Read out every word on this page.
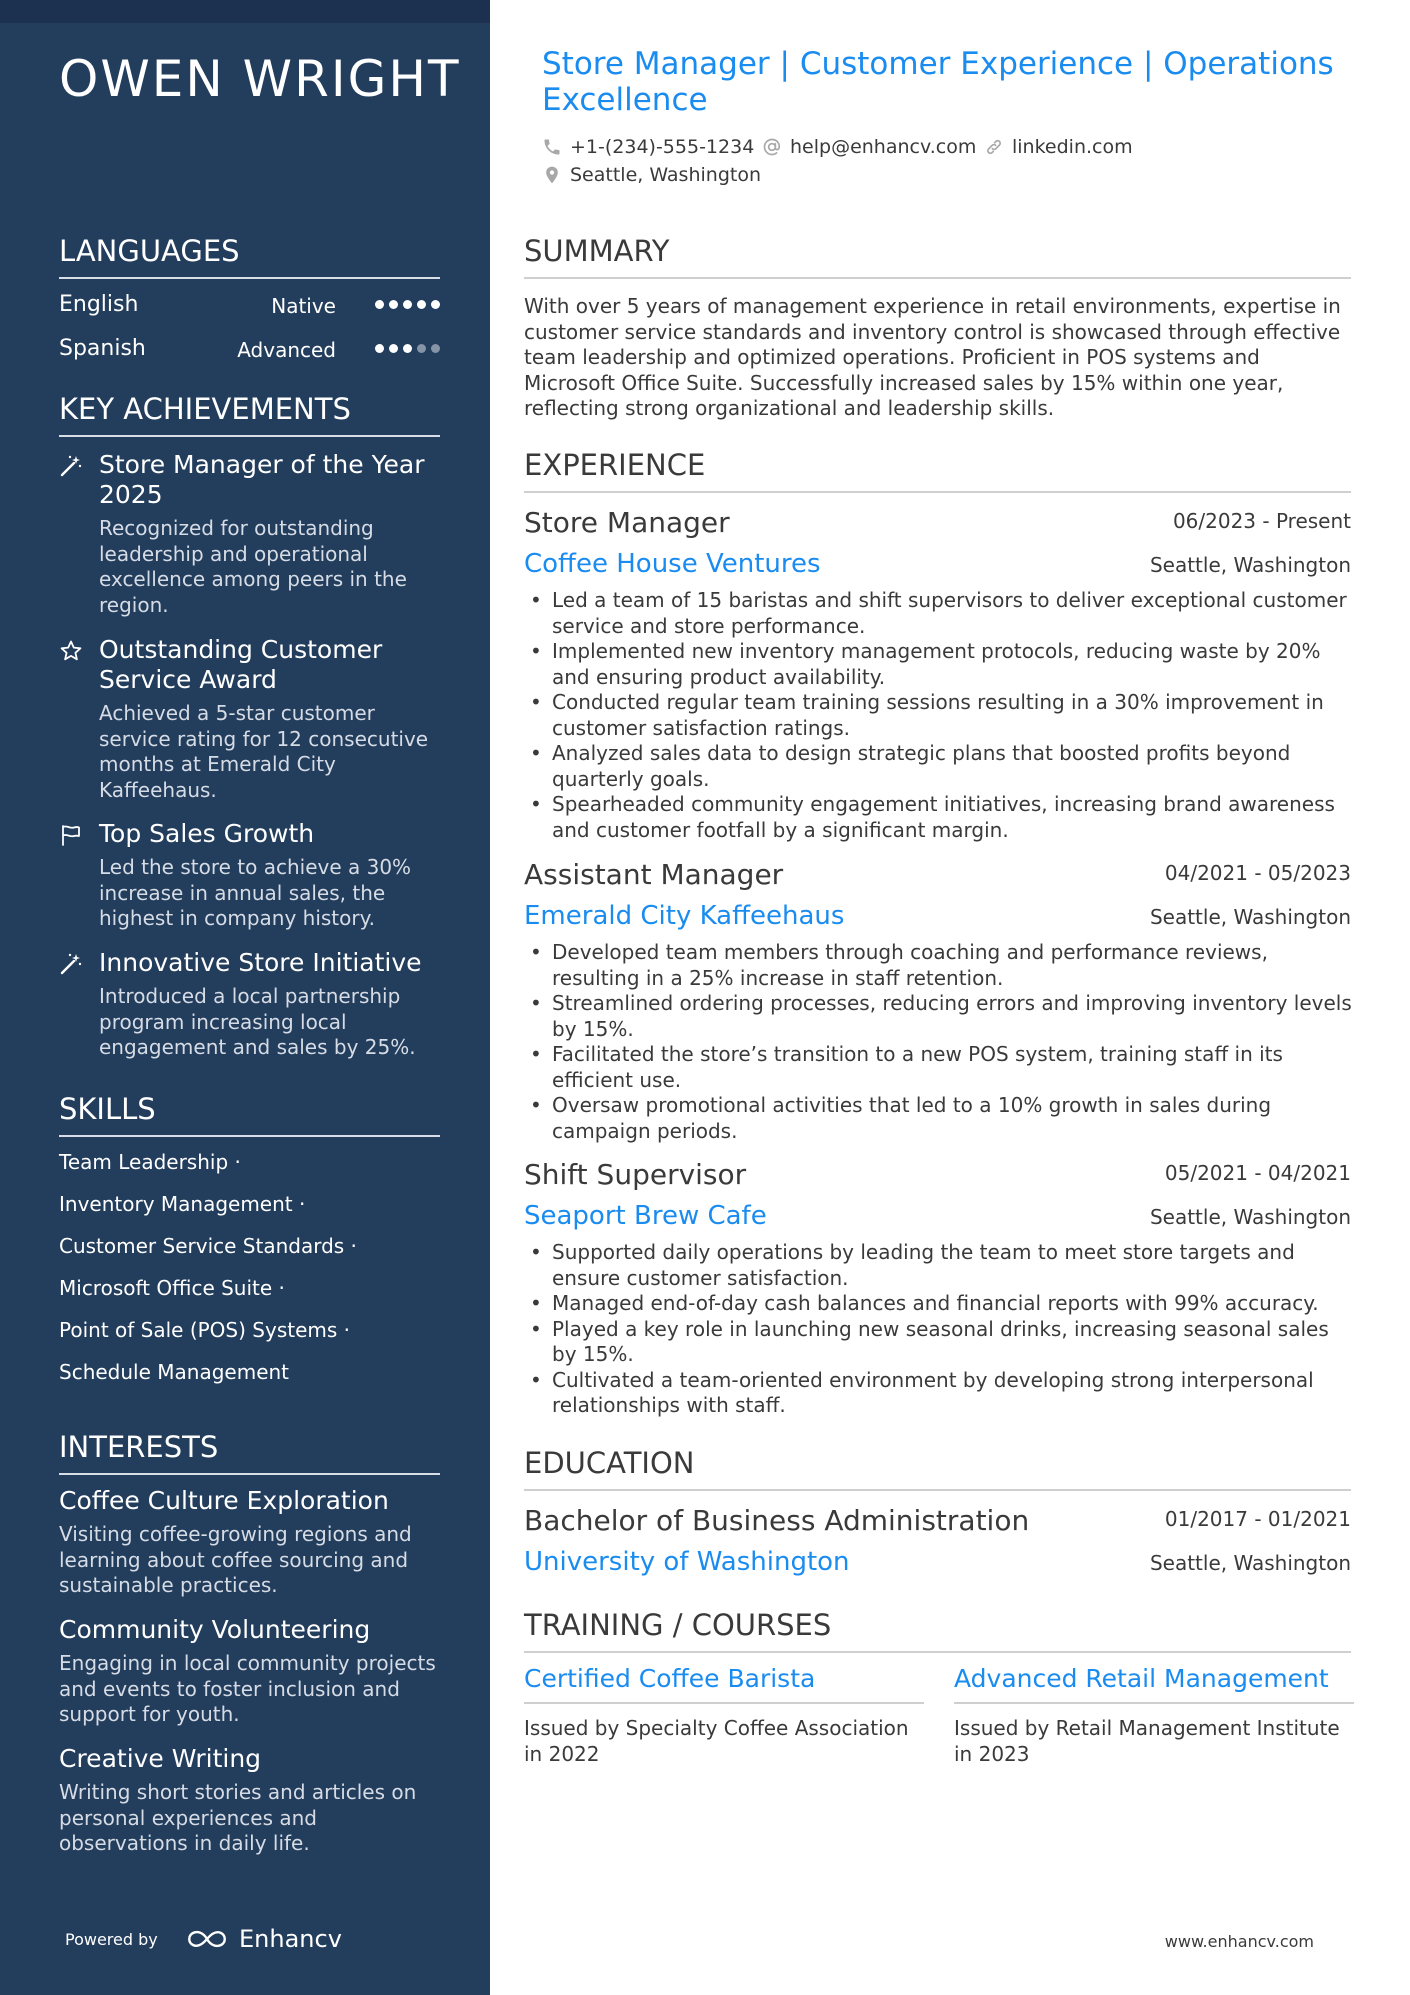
OWEN WRIGHT
LANGUAGES
English	Native
Spanish	Advanced
KEY ACHIEVEMENTS
Store Manager of the Year 2025
Recognized for outstanding leadership and operational excellence among peers in the region.
Outstanding Customer Service Award
Achieved a 5-star customer service rating for 12 consecutive months at Emerald City Kaffeehaus.
Top Sales Growth
Led the store to achieve a 30% increase in annual sales, the highest in company history.
Innovative Store Initiative
Introduced a local partnership program increasing local engagement and sales by 25%.
SKILLS
Team Leadership ·
Inventory Management ·
Customer Service Standards ·
Microsoft Office Suite ·
Point of Sale (POS) Systems ·
Schedule Management
INTERESTS
Coffee Culture Exploration
Visiting coffee-growing regions and learning about coffee sourcing and sustainable practices.
Community Volunteering
Engaging in local community projects and events to foster inclusion and support for youth.
Creative Writing
Writing short stories and articles on personal experiences and observations in daily life.
Powered by	Enhancv
Store Manager | Customer Experience | Operations Excellence
+1-(234)-555-1234 help@enhancv.com linkedin.com
Seattle, Washington
SUMMARY

With over 5 years of management experience in retail environments, expertise in customer service standards and inventory control is showcased through effective team leadership and optimized operations. Proficient in POS systems and Microsoft Office Suite. Successfully increased sales by 15% within one year, reflecting strong organizational and leadership skills.

EXPERIENCE
Store Manager	06/2023 - Present
Coffee House Ventures	Seattle, Washington
• Led a team of 15 baristas and shift supervisors to deliver exceptional customer service and store performance.
• Implemented new inventory management protocols, reducing waste by 20% and ensuring product availability.
• Conducted regular team training sessions resulting in a 30% improvement in customer satisfaction ratings.
• Analyzed sales data to design strategic plans that boosted profits beyond quarterly goals.
• Spearheaded community engagement initiatives, increasing brand awareness and customer footfall by a significant margin.
Assistant Manager	04/2021 - 05/2023
Emerald City Kaffeehaus	Seattle, Washington
• Developed team members through coaching and performance reviews, resulting in a 25% increase in staff retention.
• Streamlined ordering processes, reducing errors and improving inventory levels by 15%.
• Facilitated the store’s transition to a new POS system, training staff in its efficient use.
• Oversaw promotional activities that led to a 10% growth in sales during campaign periods.
Shift Supervisor	05/2021 - 04/2021
Seaport Brew Cafe	Seattle, Washington
• Supported daily operations by leading the team to meet store targets and ensure customer satisfaction.
• Managed end-of-day cash balances and financial reports with 99% accuracy.
• Played a key role in launching new seasonal drinks, increasing seasonal sales by 15%.
• Cultivated a team-oriented environment by developing strong interpersonal relationships with staff.
EDUCATION
Bachelor of Business Administration	01/2017 - 01/2021
University of Washington	Seattle, Washington
TRAINING / COURSES
Certified Coffee Barista
Issued by Specialty Coffee Association in 2022
Advanced Retail Management
Issued by Retail Management Institute in 2023
www.enhancv.com
